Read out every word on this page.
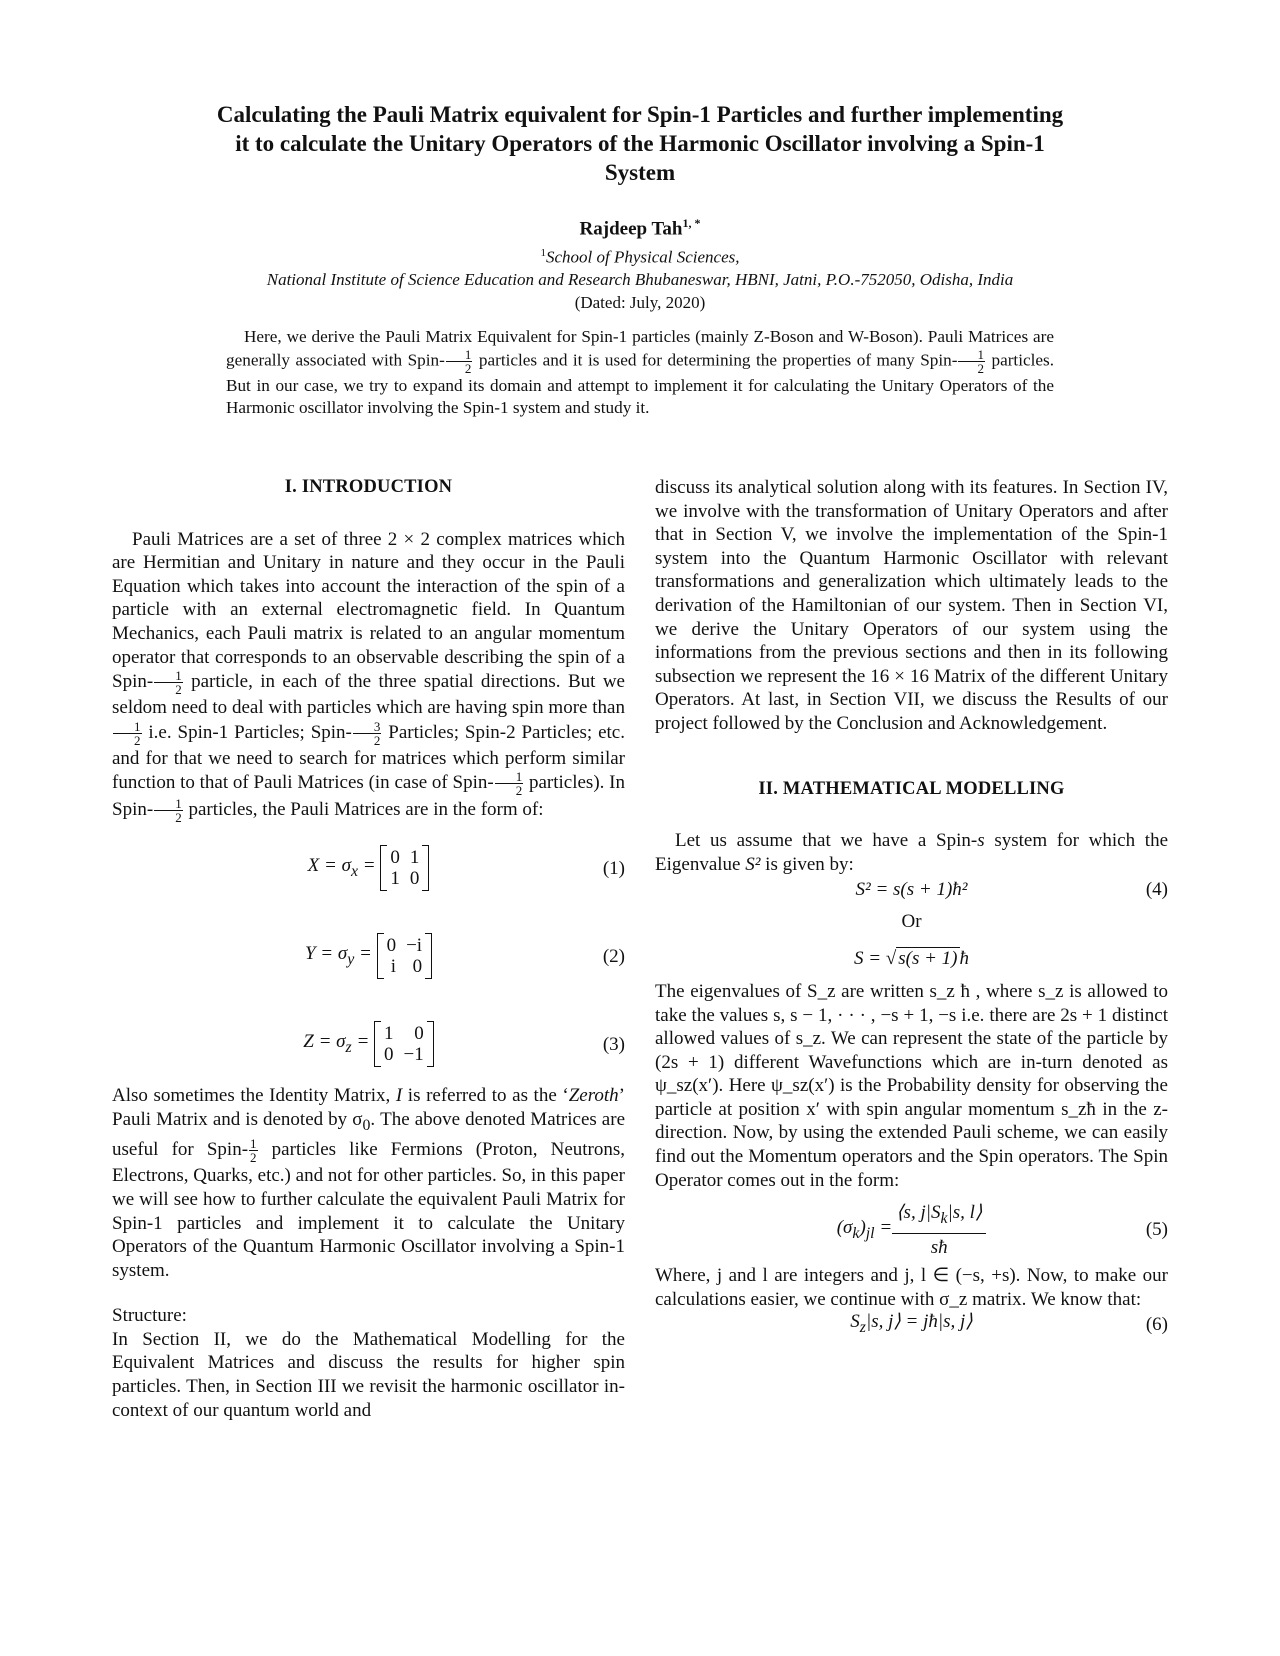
Calculating the Pauli Matrix equivalent for Spin-1 Particles and further implementing
it to calculate the Unitary Operators of the Harmonic Oscillator involving a Spin-1
System
Rajdeep Tah$^{1, *}$
$^1$School of Physical Sciences,
National Institute of Science Education and Research Bhubaneswar, HBNI, Jatni, P.O.-752050, Odisha, India
(Dated: July, 2020)

Here, we derive the Pauli Matrix Equivalent for Spin-1 particles (mainly Z-Boson and W-Boson). Pauli Matrices are generally associated with Spin- $\frac{1}{2}$ particles and it is used for determining the properties of many Spin- $\frac{1}{2}$ particles. But in our case, we try to expand its domain and attempt to implement it for calculating the Unitary Operators of the Harmonic oscillator involving the Spin-1 system and study it.

I. INTRODUCTION

Pauli Matrices are a set of three 2 × 2 complex matrices which are Hermitian and Unitary in nature and they occur in the Pauli Equation which takes into account the interaction of the spin of a particle with an external electromagnetic field. In Quantum Mechanics, each Pauli matrix is related to an angular momentum operator that corresponds to an observable describing the spin of a Spin- $\frac{1}{2}$ particle, in each of the three spatial directions. But we seldom need to deal with particles which are having spin more than
$\frac{1}{2} i.e$. Spin-1 Particles; Spin- $\frac{3}{2}$ Particles; Spin-2 Particles; etc. and for that we need to search for matrices which perform similar function to that of Pauli Matrices (in case of Spin- $\frac{1}{2}$ particles). In Spin- $\frac{1}{2}$ particles, the Pauli Matrices are in the form of:

$X = \sigma_x = 0$ 1
1 0
(1)
$Y = \sigma_y = 0 -i$
i 0
(2)
$Z = \sigma_z = 1$	0
0 −1
(3)

Also sometimes the Identity Matrix, I is referred to as the ‘Zeroth’ Pauli Matrix and is denoted by $\sigma_0$. The above denoted Matrices are useful for Spin- $\frac{1}{2}$ particles like Fermions (Proton, Neutrons, Electrons, Quarks, etc.) and not for other particles. So, in this paper we will see how to further calculate the equivalent Pauli Matrix for Spin-1 particles and implement it to calculate the Unitary Operators of the Quantum Harmonic Oscillator involving a Spin-1 system.

Structure:

In Section II, we do the Mathematical Modelling for the Equivalent Matrices and discuss the results for higher spin particles. Then, in Section III we revisit the harmonic oscillator in-context of our quantum world and

discuss its analytical solution along with its features. In Section IV, we involve with the transformation of Unitary Operators and after that in Section V, we involve the implementation of the Spin-1 system into the Quantum Harmonic Oscillator with relevant transformations and generalization which ultimately leads to the derivation of the Hamiltonian of our system. Then in Section VI, we derive the Unitary Operators of our system using the informations from the previous sections and then in its following subsection we represent the 16 × 16 Matrix of the different Unitary Operators. At last, in Section VII, we discuss the Results of our project followed by the Conclusion and Acknowledgement.

II. MATHEMATICAL MODELLING

Let us assume that we have a Spin-s system for which the Eigenvalue S² is given by:

S² = s(s + 1)ħ²	(4)
Or
S = √ s(s + 1) ħ

The eigenvalues of S_z are written s_z ħ , where s_z is allowed to take the values s, s − 1, · · · , −s + 1, −s i.e. there are 2s + 1 distinct allowed values of s_z. We can represent the state of the particle by (2s + 1) different Wavefunctions which are in-turn denoted as ψ_sz(x′). Here ψ_sz(x′) is the Probability density for observing the particle at position x′ with spin angular momentum s_zħ in the z- direction. Now, by using the extended Pauli scheme, we can easily find out the Momentum operators and the Spin operators. The Spin Operator comes out in the form:

$(\sigma_k)_{jl} = \frac{⟨s, j|S_k|s, l⟩}{sħ}$	(5)

Where, j and l are integers and j, l ∈ (−s, +s). Now, to make our calculations easier, we continue with σ_z matrix. We know that:

$S_z|s$, j⟩ = jħ|s, j⟩	(6)
